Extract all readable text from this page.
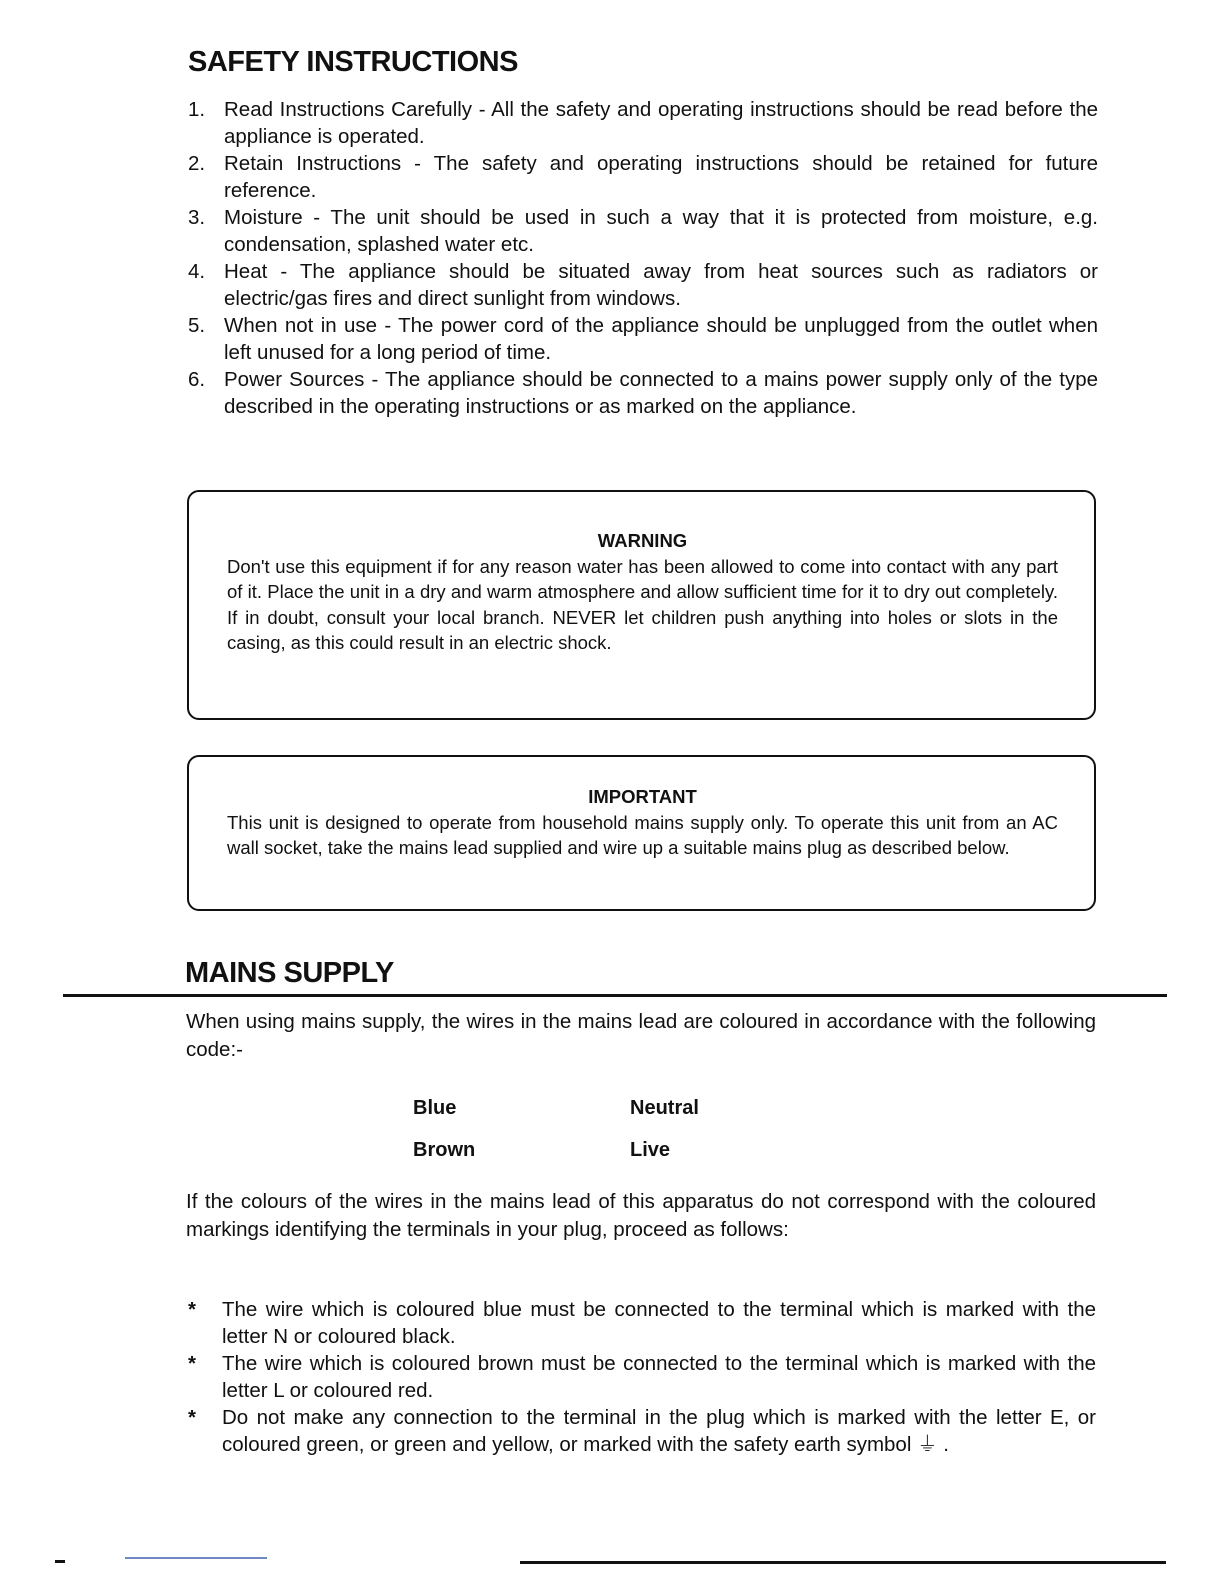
SAFETY INSTRUCTIONS
1. Read Instructions Carefully - All the safety and operating instructions should be read before the appliance is operated.
2. Retain Instructions - The safety and operating instructions should be retained for future reference.
3. Moisture - The unit should be used in such a way that it is protected from moisture, e.g. condensation, splashed water etc.
4. Heat - The appliance should be situated away from heat sources such as radiators or electric/gas fires and direct sunlight from windows.
5. When not in use - The power cord of the appliance should be unplugged from the outlet when left unused for a long period of time.
6. Power Sources - The appliance should be connected to a mains power supply only of the type described in the operating instructions or as marked on the appliance.
WARNING
Don't use this equipment if for any reason water has been allowed to come into contact with any part of it. Place the unit in a dry and warm atmosphere and allow sufficient time for it to dry out completely. If in doubt, consult your local branch. NEVER let children push anything into holes or slots in the casing, as this could result in an electric shock.
IMPORTANT
This unit is designed to operate from household mains supply only. To operate this unit from an AC wall socket, take the mains lead supplied and wire up a suitable mains plug as described below.
MAINS SUPPLY

When using mains supply, the wires in the mains lead are coloured in accordance with the following code:-

Blue	Neutral
Brown	Live

If the colours of the wires in the mains lead of this apparatus do not correspond with the coloured markings identifying the terminals in your plug, proceed as follows:

* The wire which is coloured blue must be connected to the terminal which is marked with the letter N or coloured black.
* The wire which is coloured brown must be connected to the terminal which is marked with the letter L or coloured red.
* Do not make any connection to the terminal in the plug which is marked with the letter E, or coloured green, or green and yellow, or marked with the safety earth symbol ⏚ .
